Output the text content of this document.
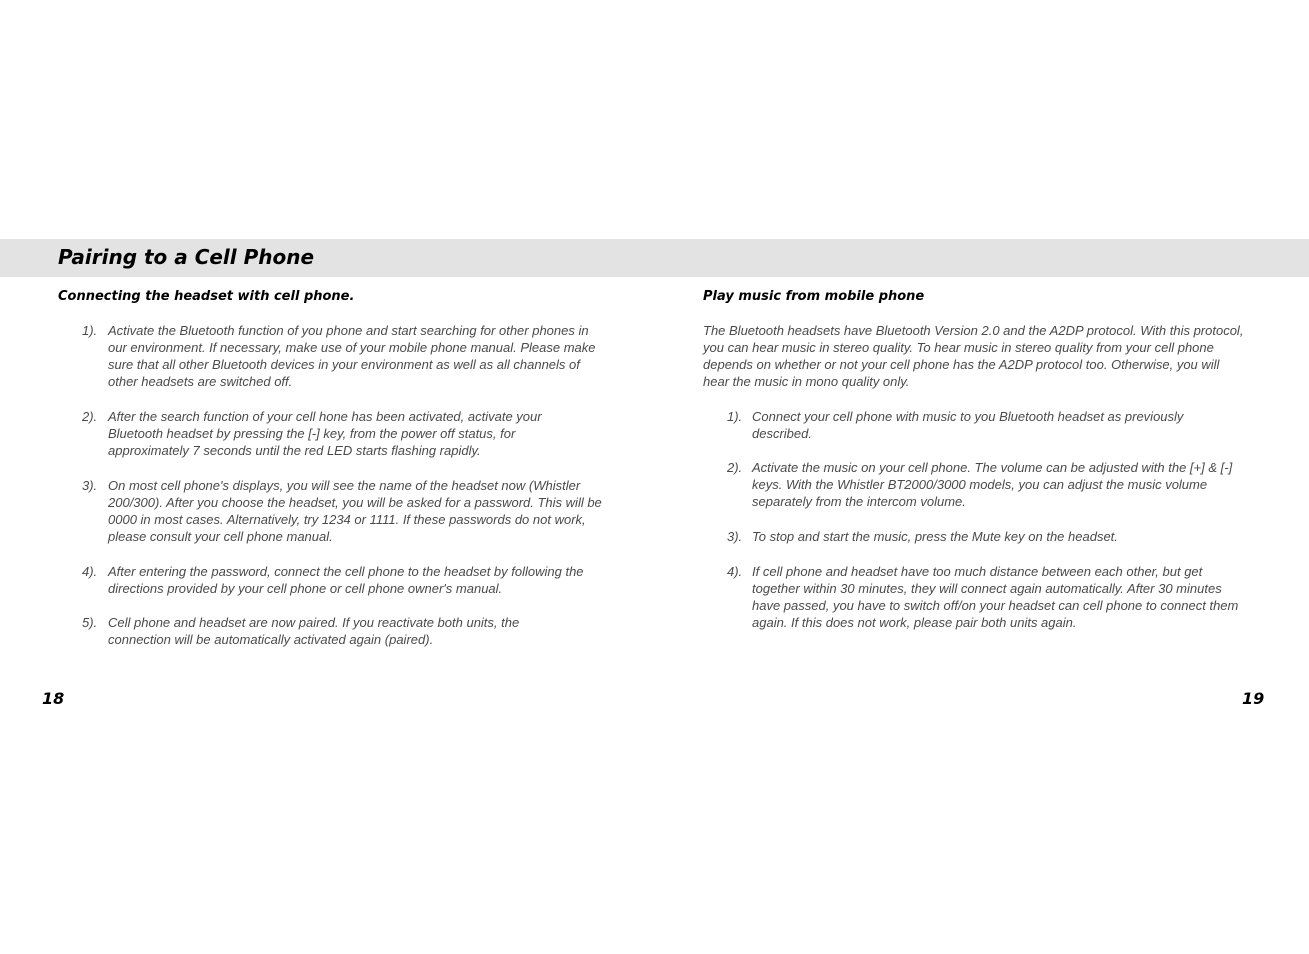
Pairing to a Cell Phone
Connecting the headset with cell phone.
1). Activate the Bluetooth function of you phone and start searching for other phones in our environment. If necessary, make use of your mobile phone manual. Please make sure that all other Bluetooth devices in your environment as well as all channels of other headsets are switched off.
2). After the search function of your cell hone has been activated, activate your Bluetooth headset by pressing the [-] key, from the power off status, for approximately 7 seconds until the red LED starts flashing rapidly.
3). On most cell phone's displays, you will see the name of the headset now (Whistler 200/300). After you choose the headset, you will be asked for a password. This will be 0000 in most cases. Alternatively, try 1234 or 1111. If these passwords do not work, please consult your cell phone manual.
4). After entering the password, connect the cell phone to the headset by following the directions provided by your cell phone or cell phone owner's manual.
5). Cell phone and headset are now paired. If you reactivate both units, the connection will be automatically activated again (paired).
18
Play music from mobile phone

The Bluetooth headsets have Bluetooth Version 2.0 and the A2DP protocol. With this protocol, you can hear music in stereo quality. To hear music in stereo quality from your cell phone depends on whether or not your cell phone has the A2DP protocol too. Otherwise, you will hear the music in mono quality only.

1). Connect your cell phone with music to you Bluetooth headset as previously described.
2). Activate the music on your cell phone. The volume can be adjusted with the [+] & [-] keys. With the Whistler BT2000/3000 models, you can adjust the music volume separately from the intercom volume.
3). To stop and start the music, press the Mute key on the headset.
4). If cell phone and headset have too much distance between each other, but get together within 30 minutes, they will connect again automatically. After 30 minutes have passed, you have to switch off/on your headset can cell phone to connect them again. If this does not work, please pair both units again.
19
